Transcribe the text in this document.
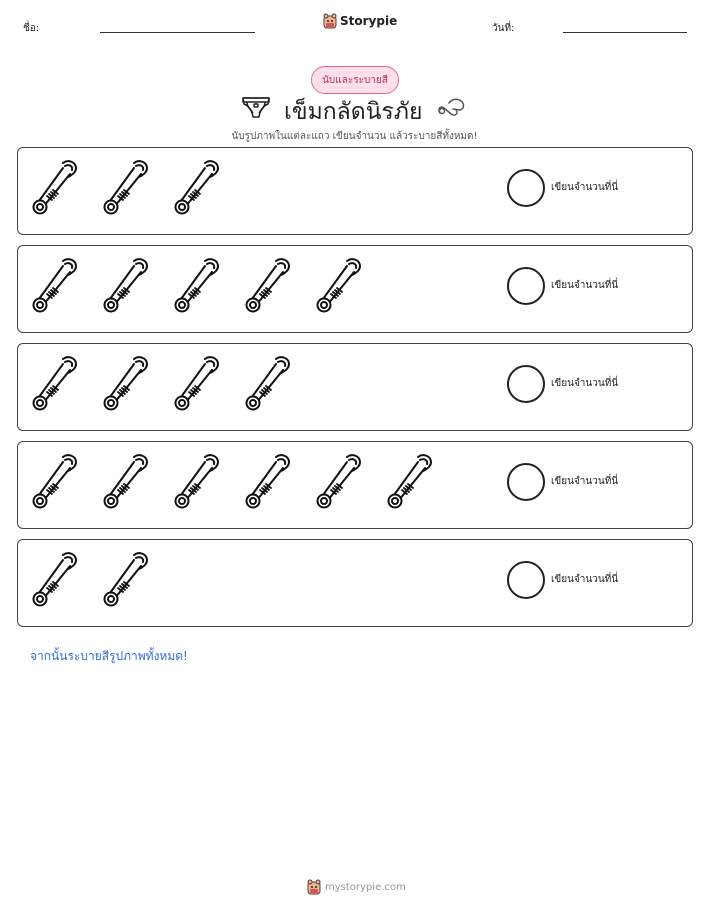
ชื่อ:
Storypie
วันที่:
นับและระบายสี
เข็มกลัดนิรภัย
นับรูปภาพในแต่ละแถว เขียนจำนวน แล้วระบายสีทั้งหมด!
เขียนจำนวนที่นี่
เขียนจำนวนที่นี่
เขียนจำนวนที่นี่
เขียนจำนวนที่นี่
เขียนจำนวนที่นี่
จากนั้นระบายสีรูปภาพทั้งหมด!
mystorypie.com
